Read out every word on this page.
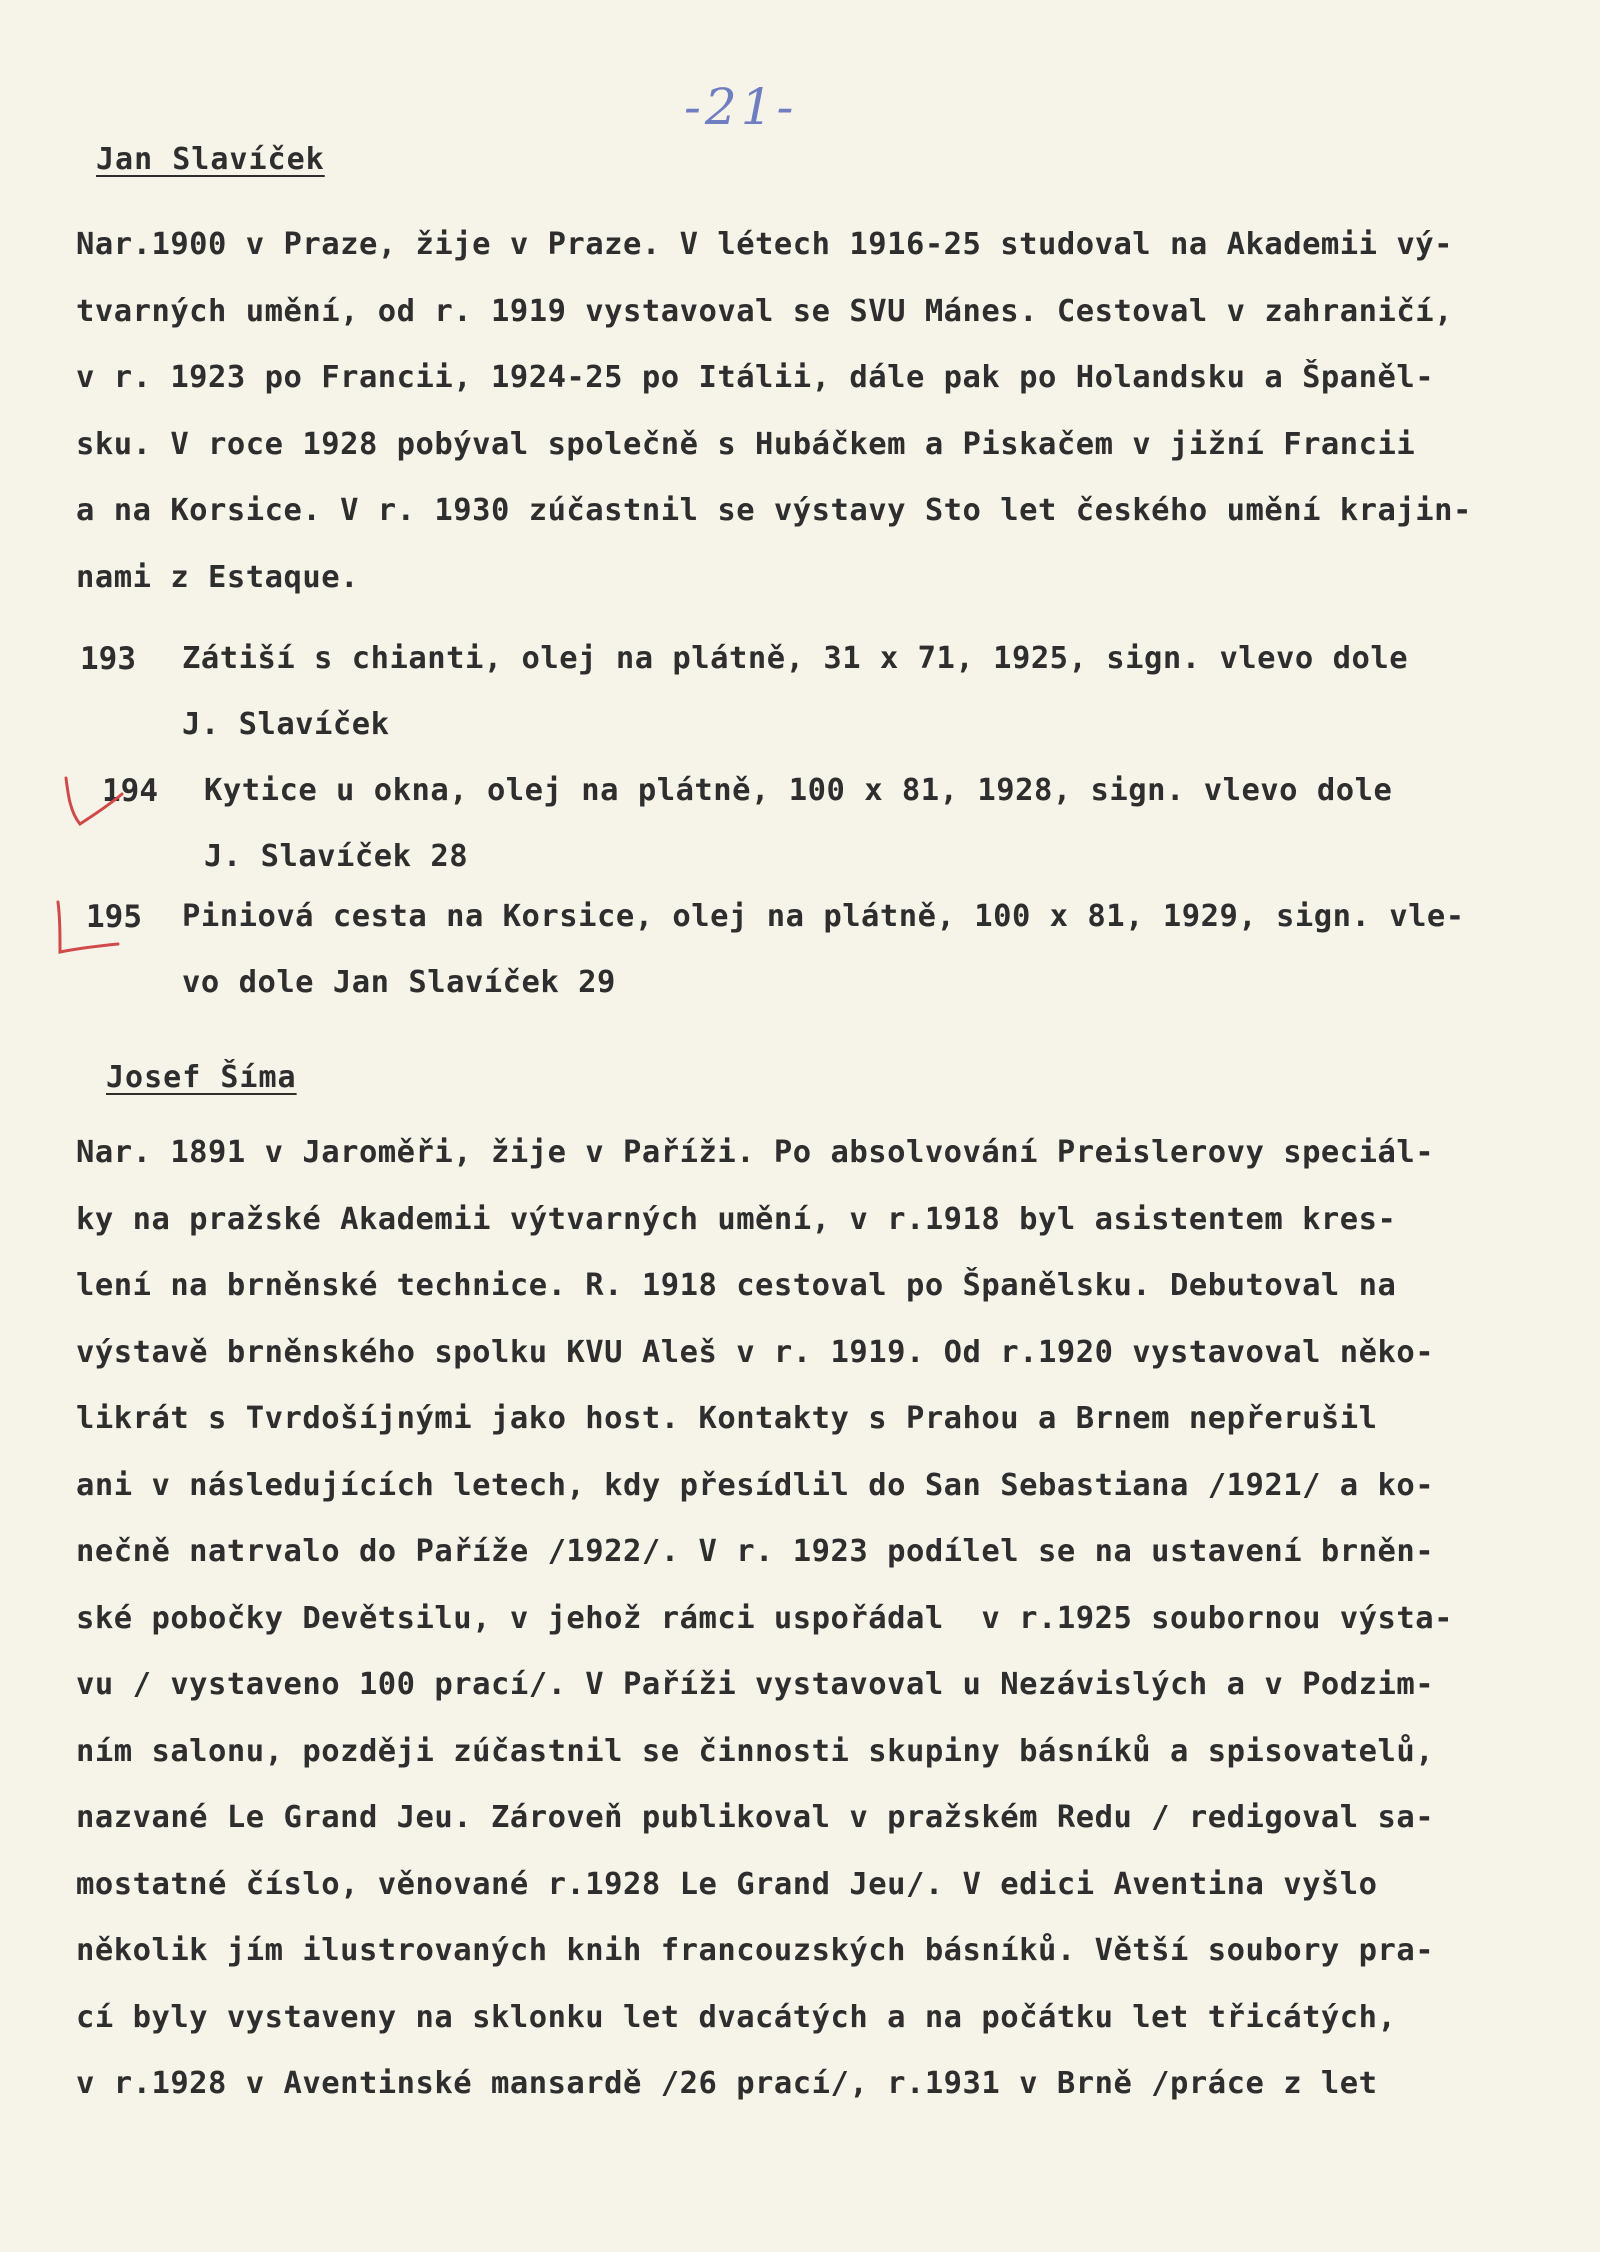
-21-
Jan Slavíček
Nar.1900 v Praze, žije v Praze. V létech 1916-25 studoval na Akademii vý-
tvarných umění, od r. 1919 vystavoval se SVU Mánes. Cestoval v zahraničí,
v r. 1923 po Francii, 1924-25 po Itálii, dále pak po Holandsku a Španěl-
sku. V roce 1928 pobýval společně s Hubáčkem a Piskačem v jižní Francii
a na Korsice. V r. 1930 zúčastnil se výstavy Sto let českého umění krajin-
nami z Estaque.
193 Zátiší s chianti, olej na plátně, 31 x 71, 1925, sign. vlevo dole
J. Slavíček
194 Kytice u okna, olej na plátně, 100 x 81, 1928, sign. vlevo dole
J. Slavíček 28
195 Piniová cesta na Korsice, olej na plátně, 100 x 81, 1929, sign. vle-
vo dole Jan Slavíček 29
Josef Šíma
Nar. 1891 v Jaroměři, žije v Paříži. Po absolvování Preislerovy speciál-
ky na pražské Akademii výtvarných umění, v r.1918 byl asistentem kres-
lení na brněnské technice. R. 1918 cestoval po Španělsku. Debutoval na
výstavě brněnského spolku KVU Aleš v r. 1919. Od r.1920 vystavoval něko-
likrát s Tvrdošíjnými jako host. Kontakty s Prahou a Brnem nepřerušil
ani v následujících letech, kdy přesídlil do San Sebastiana /1921/ a ko-
nečně natrvalo do Paříže /1922/. V r. 1923 podílel se na ustavení brněn-
ské pobočky Devětsilu, v jehož rámci uspořádal  v r.1925 soubornou výsta-
vu / vystaveno 100 prací/. V Paříži vystavoval u Nezávislých a v Podzim-
ním salonu, později zúčastnil se činnosti skupiny básníků a spisovatelů,
nazvané Le Grand Jeu. Zároveň publikoval v pražském Redu / redigoval sa-
mostatné číslo, věnované r.1928 Le Grand Jeu/. V edici Aventina vyšlo
několik jím ilustrovaných knih francouzských básníků. Větší soubory pra-
cí byly vystaveny na sklonku let dvacátých a na počátku let třicátých,
v r.1928 v Aventinské mansardě /26 prací/, r.1931 v Brně /práce z let
